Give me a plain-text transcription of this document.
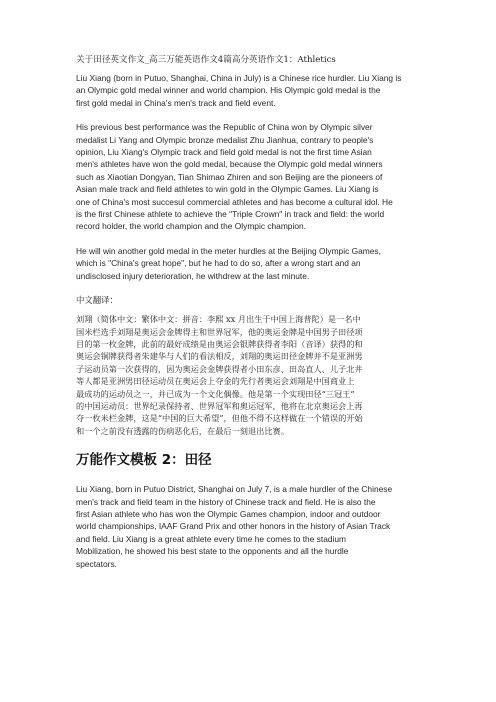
关于田径英文作文_高三万能英语作文4篇高分英语作文1：Athletics

Liu Xiang (born in Putuo, Shanghai, China in July) is a Chinese rice hurdler. Liu Xiang is
an Olympic gold medal winner and world champion. His Olympic gold medal is the
first gold medal in China's men's track and field event.

His previous best performance was the Republic of China won by Olympic silver
medalist Li Yang and Olympic bronze medalist Zhu Jianhua, contrary to people's
opinion, Liu Xiang's Olympic track and field gold medal is not the first time Asian
men's athletes have won the gold medal, because the Olympic gold medal winners
such as Xiaotian Dongyan, Tian Shimao Zhiren and son Beijing are the pioneers of
Asian male track and field athletes to win gold in the Olympic Games. Liu Xiang is
one of China's most succesul commercial athletes and has become a cultural idol. He
is the first Chinese athlete to achieve the "Triple Crown" in track and field: the world
record holder, the world champion and the Olympic champion.

He will win another gold medal in the meter hurdles at the Beijing Olympic Games,
which is "China's great hope", but he had to do so, after a wrong start and an
undisclosed injury deterioration, he withdrew at the last minute.

中文翻译：

刘翔（简体中文：繁体中文：拼音：李熙 xx 月出生于中国上海普陀）是一名中
国米栏选手刘翔是奥运会金牌得主和世界冠军，他的奥运金牌是中国男子田径项
目的第一枚金牌，此前的最好成绩是由奥运会银牌获得者李阳（音译）获得的和
奥运会铜牌获得者朱建华与人们的看法相反，刘翔的奥运田径金牌并不是亚洲男
子运动员第一次获得的，因为奥运会金牌获得者小田东彦、田岛直人、儿子北井
等人都是亚洲男田径运动员在奥运会上夺金的先行者奥运会刘翔是中国商业上
最成功的运动员之一，并已成为一个文化偶像。他是第一个实现田径“三冠王”
的中国运动员：世界纪录保持者、世界冠军和奥运冠军，他将在北京奥运会上再
夺一枚米栏金牌，这是“中国的巨大希望”，但他不得不这样做在一个错误的开始
和一个之前没有透露的伤病恶化后，在最后一刻退出比赛。

万能作文模板 2：田径

Liu Xiang, born in Putuo District, Shanghai on July 7, is a male hurdler of the Chinese
men's track and field team in the history of Chinese track and field. He is also the
first Asian athlete who has won the Olympic Games champion, indoor and outdoor
world championships, IAAF Grand Prix and other honors in the history of Asian Track
and field. Liu Xiang is a great athlete every time he comes to the stadium
Mobilization, he showed his best state to the opponents and all the hurdle
spectators.
